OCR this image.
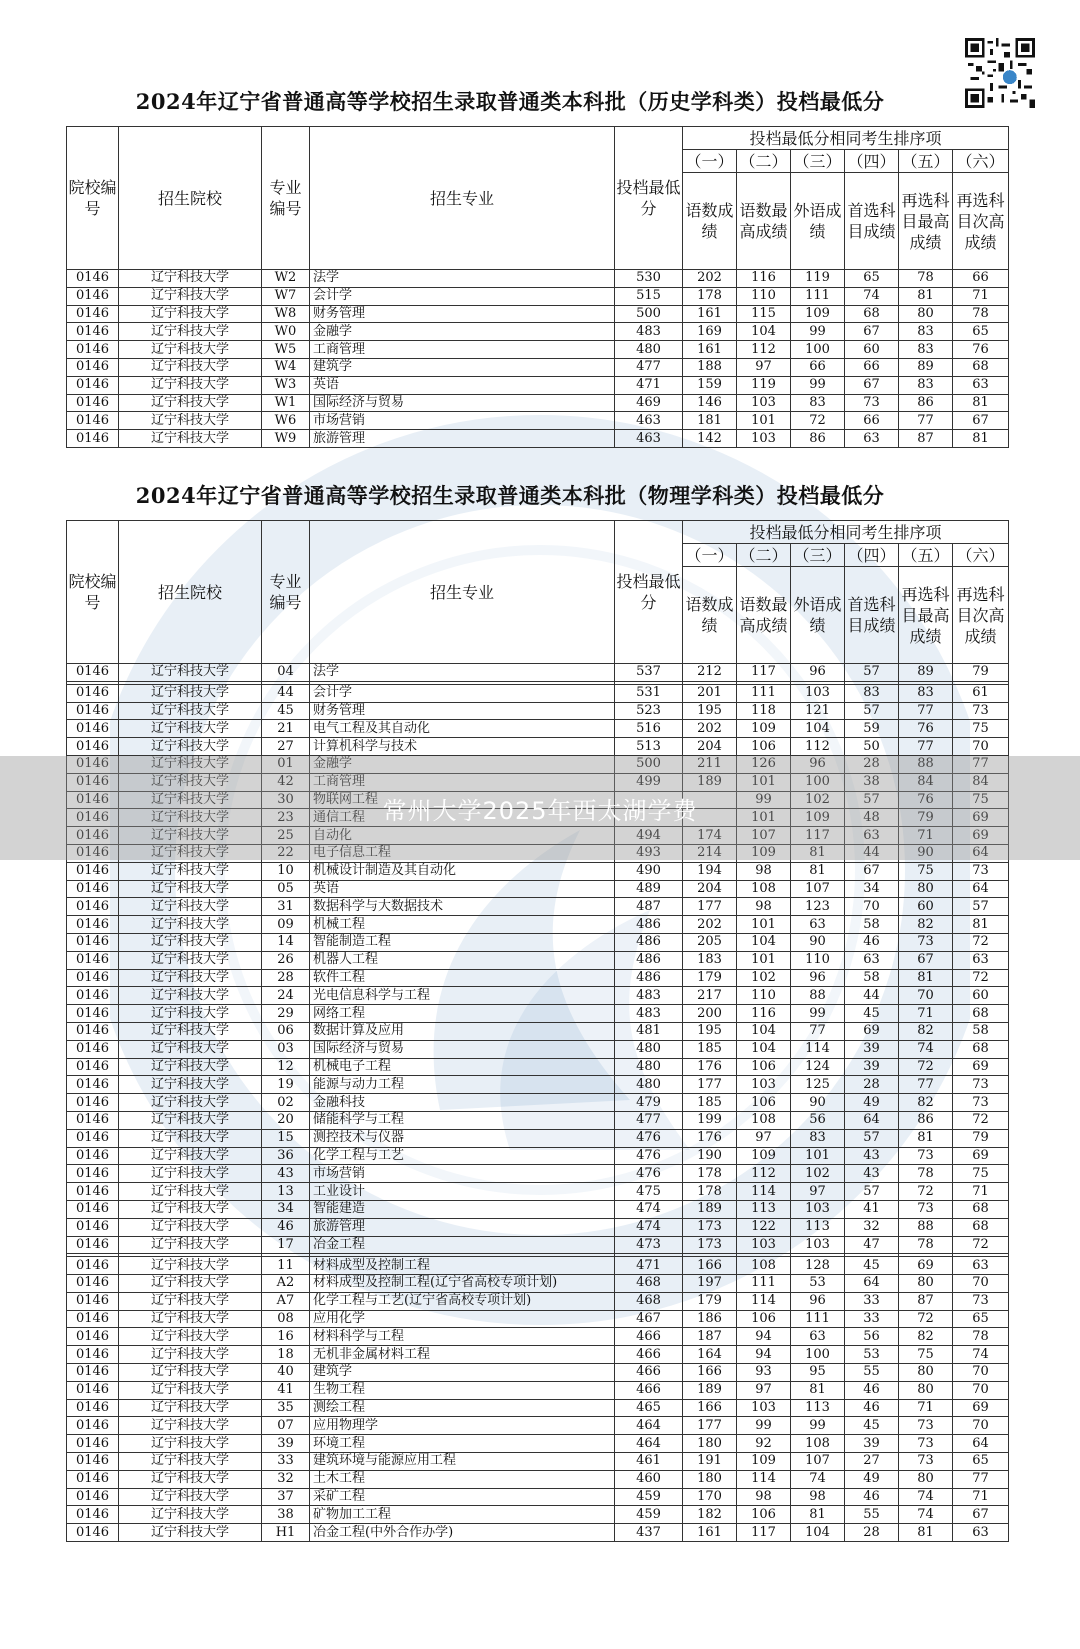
2024年辽宁省普通高等学校招生录取普通类本科批（历史学科类）投档最低分
院校编号	招生院校	专业编号	招生专业	投档最低分	投档最低分相同考生排序项					
					（一）	（二）	（三）	（四）	（五）	（六）
					语数成绩	语数最高成绩	外语成绩	首选科目成绩	再选科目最高成绩	再选科目次高成绩
0146	辽宁科技大学	W2	法学	530	202	116	119	65	78	66
0146	辽宁科技大学	W7	会计学	515	178	110	111	74	81	71
0146	辽宁科技大学	W8	财务管理	500	161	115	109	68	80	78
0146	辽宁科技大学	W0	金融学	483	169	104	99	67	83	65
0146	辽宁科技大学	W5	工商管理	480	161	112	100	60	83	76
0146	辽宁科技大学	W4	建筑学	477	188	97	66	66	89	68
0146	辽宁科技大学	W3	英语	471	159	119	99	67	83	63
0146	辽宁科技大学	W1	国际经济与贸易	469	146	103	83	73	86	81
0146	辽宁科技大学	W6	市场营销	463	181	101	72	66	77	67
0146	辽宁科技大学	W9	旅游管理	463	142	103	86	63	87	81
2024年辽宁省普通高等学校招生录取普通类本科批（物理学科类）投档最低分
院校编号	招生院校	专业编号	招生专业	投档最低分	投档最低分相同考生排序项					
					（一）	（二）	（三）	（四）	（五）	（六）
					语数成绩	语数最高成绩	外语成绩	首选科目成绩	再选科目最高成绩	再选科目次高成绩
0146	辽宁科技大学	04	法学	537	212	117	96	57	89	79

0146	辽宁科技大学	44	会计学	531	201	111	103	83	83	61
0146	辽宁科技大学	45	财务管理	523	195	118	121	57	77	73
0146	辽宁科技大学	21	电气工程及其自动化	516	202	109	104	59	76	75
0146	辽宁科技大学	27	计算机科学与技术	513	204	106	112	50	77	70
0146	辽宁科技大学	01	金融学	500	211	126	96	28	88	77
0146	辽宁科技大学	42	工商管理	499	189	101	100	38	84	84
0146	辽宁科技大学	30	物联网工程			99	102	57	76	75
0146	辽宁科技大学	23	通信工程			101	109	48	79	69
0146	辽宁科技大学	25	自动化	494	174	107	117	63	71	69
0146	辽宁科技大学	22	电子信息工程	493	214	109	81	44	90	64
0146	辽宁科技大学	10	机械设计制造及其自动化	490	194	98	81	67	75	73
0146	辽宁科技大学	05	英语	489	204	108	107	34	80	64
0146	辽宁科技大学	31	数据科学与大数据技术	487	177	98	123	70	60	57
0146	辽宁科技大学	09	机械工程	486	202	101	63	58	82	81
0146	辽宁科技大学	14	智能制造工程	486	205	104	90	46	73	72
0146	辽宁科技大学	26	机器人工程	486	183	101	110	63	67	63
0146	辽宁科技大学	28	软件工程	486	179	102	96	58	81	72
0146	辽宁科技大学	24	光电信息科学与工程	483	217	110	88	44	70	60
0146	辽宁科技大学	29	网络工程	483	200	116	99	45	71	68
0146	辽宁科技大学	06	数据计算及应用	481	195	104	77	69	82	58
0146	辽宁科技大学	03	国际经济与贸易	480	185	104	114	39	74	68
0146	辽宁科技大学	12	机械电子工程	480	176	106	124	39	72	69
0146	辽宁科技大学	19	能源与动力工程	480	177	103	125	28	77	73
0146	辽宁科技大学	02	金融科技	479	185	106	90	49	82	73
0146	辽宁科技大学	20	储能科学与工程	477	199	108	56	64	86	72
0146	辽宁科技大学	15	测控技术与仪器	476	176	97	83	57	81	79
0146	辽宁科技大学	36	化学工程与工艺	476	190	109	101	43	73	69
0146	辽宁科技大学	43	市场营销	476	178	112	102	43	78	75
0146	辽宁科技大学	13	工业设计	475	178	114	97	57	72	71
0146	辽宁科技大学	34	智能建造	474	189	113	103	41	73	68
0146	辽宁科技大学	46	旅游管理	474	173	122	113	32	88	68
0146	辽宁科技大学	17	冶金工程	473	173	103	103	47	78	72

0146	辽宁科技大学	11	材料成型及控制工程	471	166	108	128	45	69	63
0146	辽宁科技大学	A2	材料成型及控制工程(辽宁省高校专项计划)	468	197	111	53	64	80	70
0146	辽宁科技大学	A7	化学工程与工艺(辽宁省高校专项计划)	468	179	114	96	33	87	73
0146	辽宁科技大学	08	应用化学	467	186	106	111	33	72	65
0146	辽宁科技大学	16	材料科学与工程	466	187	94	63	56	82	78
0146	辽宁科技大学	18	无机非金属材料工程	466	164	94	100	53	75	74
0146	辽宁科技大学	40	建筑学	466	166	93	95	55	80	70
0146	辽宁科技大学	41	生物工程	466	189	97	81	46	80	70
0146	辽宁科技大学	35	测绘工程	465	166	103	113	46	71	69
0146	辽宁科技大学	07	应用物理学	464	177	99	99	45	73	70
0146	辽宁科技大学	39	环境工程	464	180	92	108	39	73	64
0146	辽宁科技大学	33	建筑环境与能源应用工程	461	191	109	107	27	73	65
0146	辽宁科技大学	32	土木工程	460	180	114	74	49	80	77
0146	辽宁科技大学	37	采矿工程	459	170	98	98	46	74	71
0146	辽宁科技大学	38	矿物加工工程	459	182	106	81	55	74	67
0146	辽宁科技大学	H1	冶金工程(中外合作办学)	437	161	117	104	28	81	63
常州大学2025年西太湖学费
